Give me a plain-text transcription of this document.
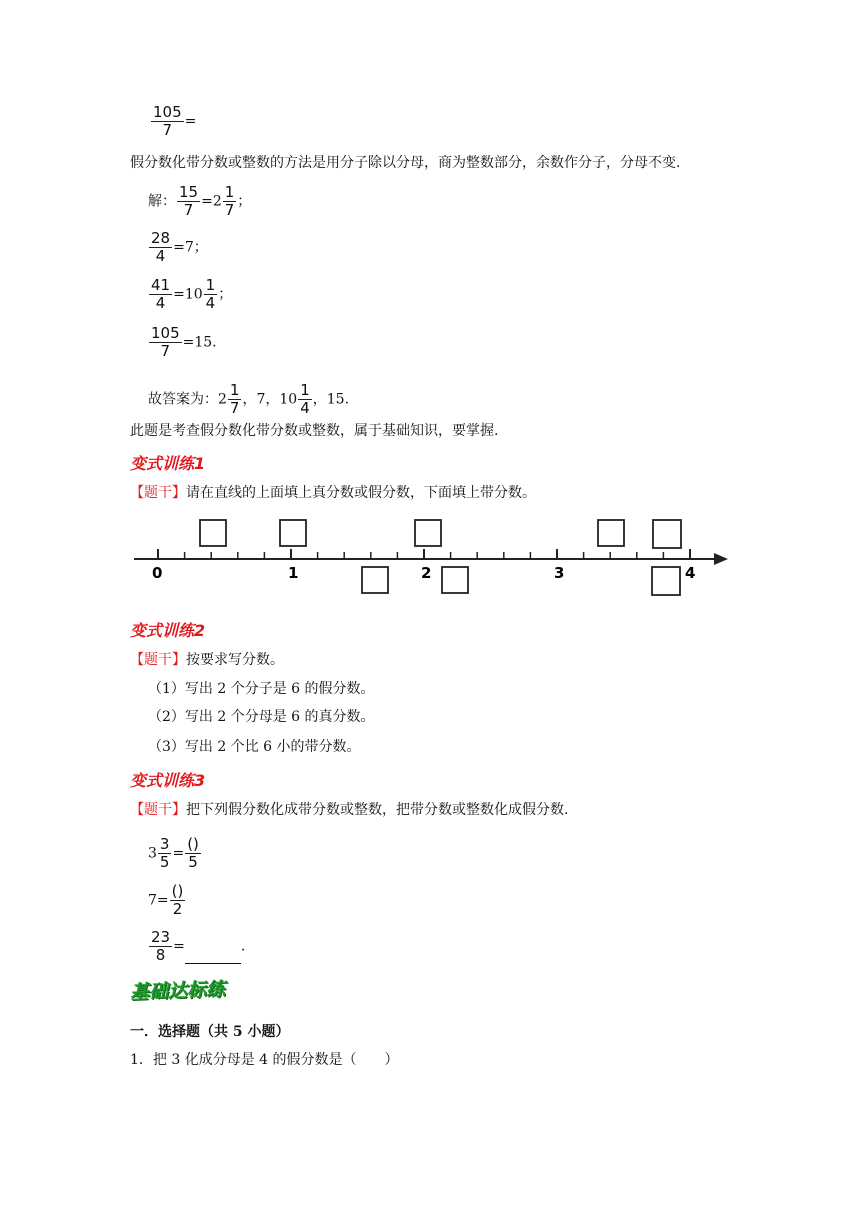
$\frac{105}{7}$ =
假分数化带分数或整数的方法是用分子除以分母，商为整数部分，余数作分子，分母不变.
解： $\frac{15}{7} =2 \frac{1}{7}$ ；
$\frac{28}{4} =7$；
$\frac{41}{4} =10 \frac{1}{4}$ ；
$\frac{105}{7} =15$.
故答案为：$2 \frac{1}{7}$ ，7，$10 \frac{1}{4}$ ，15.
此题是考查假分数化带分数或整数，属于基础知识，要掌握.
变式训练1
【题干】请在直线的上面填上真分数或假分数，下面填上带分数。
0	1	2	3	4
变式训练2
【题干】按要求写分数。
（1）写出 2 个分子是 6 的假分数。
（2）写出 2 个分母是 6 的真分数。
（3）写出 2 个比 6 小的带分数。
变式训练3
【题干】把下列假分数化成带分数或整数，把带分数或整数化成假分数.
$3 \frac{3}{5} = \frac{()}{5}$
$7= \frac{()}{2}$
$\frac{23}{8}$ =	.
基础达标练
一．选择题（共 5 小题）
1．把 3 化成分母是 4 的假分数是（　　）
